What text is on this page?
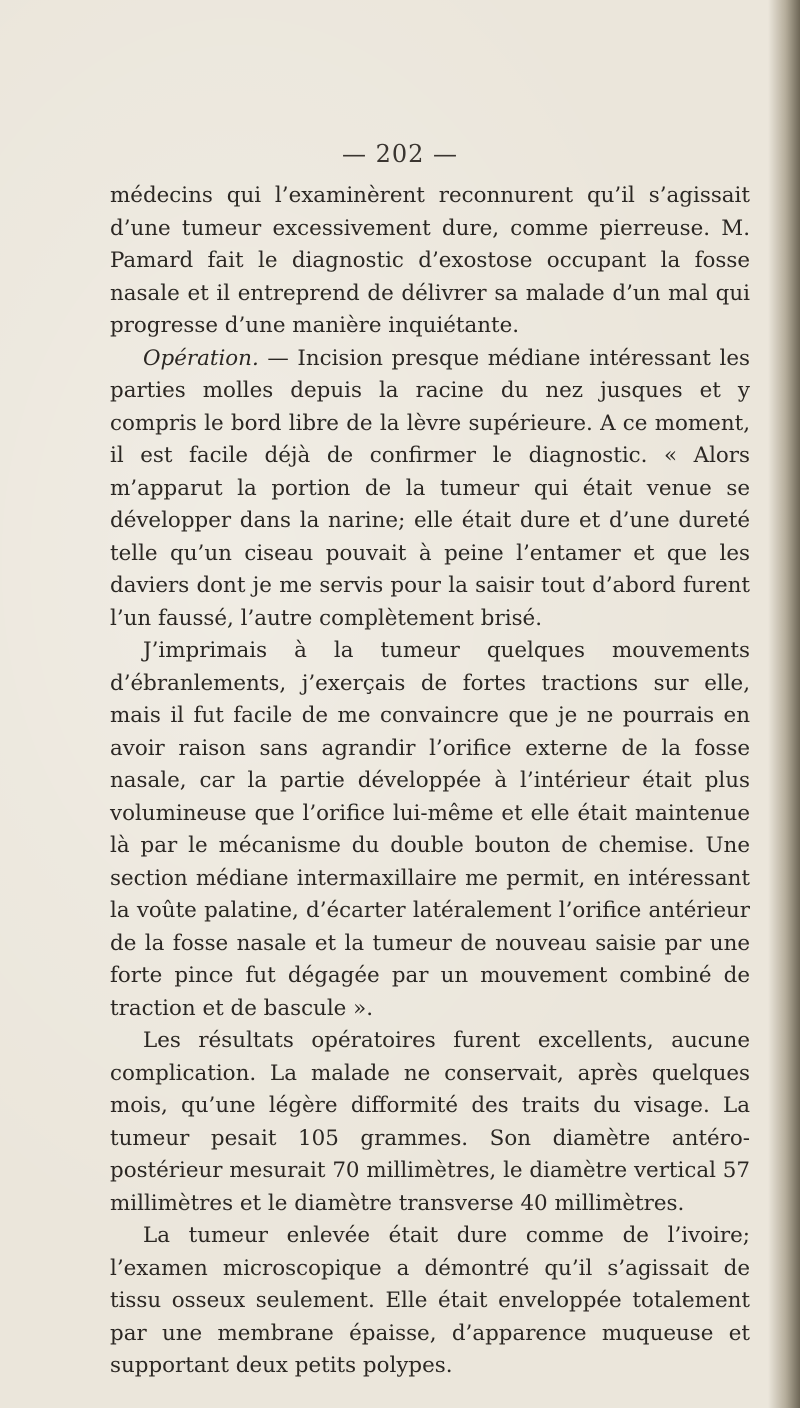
— 202 —

médecins qui l’examinèrent reconnurent qu’il s’agissait d’une tumeur excessivement dure, comme pierreuse. M. Pamard fait le diagnostic d’exostose occupant la fosse nasale et il entreprend de délivrer sa malade d’un mal qui progresse d’une manière inquiétante.

Opération. — Incision presque médiane intéressant les parties molles depuis la racine du nez jusques et y compris le bord libre de la lèvre supérieure. A ce moment, il est facile déjà de confirmer le diagnostic. « Alors m’apparut la portion de la tumeur qui était venue se développer dans la narine; elle était dure et d’une dureté telle qu’un ciseau pouvait à peine l’entamer et que les daviers dont je me servis pour la saisir tout d’abord furent l’un faussé, l’autre complètement brisé.

J’imprimais à la tumeur quelques mouvements d’ébranlements, j’exerçais de fortes tractions sur elle, mais il fut facile de me convaincre que je ne pourrais en avoir raison sans agrandir l’orifice externe de la fosse nasale, car la partie développée à l’intérieur était plus volumineuse que l’orifice lui-même et elle était maintenue là par le mécanisme du double bouton de chemise. Une section médiane intermaxillaire me permit, en intéressant la voûte palatine, d’écarter latéralement l’orifice antérieur de la fosse nasale et la tumeur de nouveau saisie par une forte pince fut dégagée par un mouvement combiné de traction et de bascule ».

Les résultats opératoires furent excellents, aucune complication. La malade ne conservait, après quelques mois, qu’une légère difformité des traits du visage. La tumeur pesait 105 grammes. Son diamètre antéro-postérieur mesurait 70 millimètres, le diamètre vertical 57 millimètres et le diamètre transverse 40 millimètres.

La tumeur enlevée était dure comme de l’ivoire; l’examen microscopique a démontré qu’il s’agissait de tissu osseux seulement. Elle était enveloppée totalement par une membrane épaisse, d’apparence muqueuse et supportant deux petits polypes.
